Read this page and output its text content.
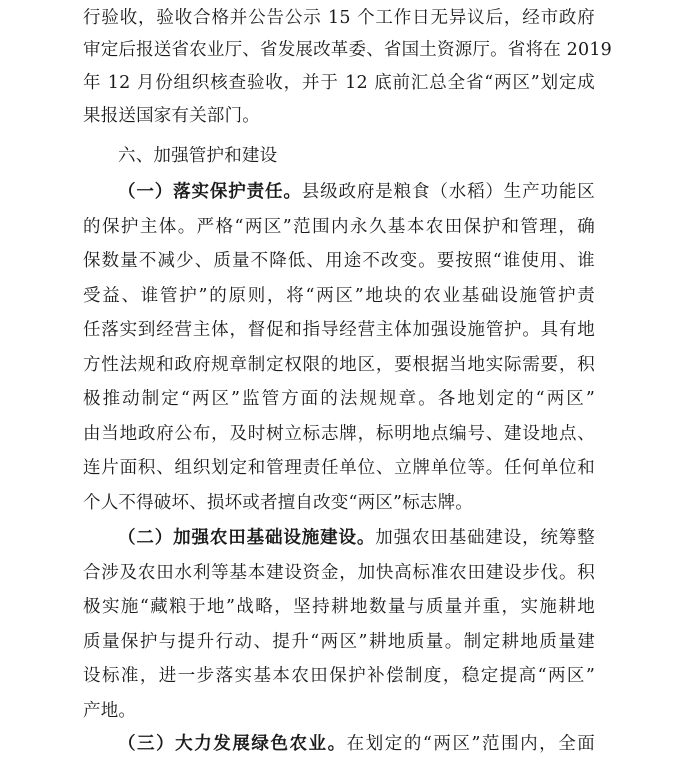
行验收，验收合格并公告公示 15 个工作日无异议后，经市政府
审定后报送省农业厅、省发展改革委、省国土资源厅。省将在 2019
年 12 月份组织核查验收，并于 12 底前汇总全省“两区”划定成
果报送国家有关部门。
六、加强管护和建设
（一）落实保护责任。县级政府是粮食（水稻）生产功能区
的保护主体。严格“两区”范围内永久基本农田保护和管理，确
保数量不减少、质量不降低、用途不改变。要按照“谁使用、谁
受益、谁管护”的原则，将“两区”地块的农业基础设施管护责
任落实到经营主体，督促和指导经营主体加强设施管护。具有地
方性法规和政府规章制定权限的地区，要根据当地实际需要，积
极推动制定“两区”监管方面的法规规章。各地划定的“两区”
由当地政府公布，及时树立标志牌，标明地点编号、建设地点、
连片面积、组织划定和管理责任单位、立牌单位等。任何单位和
个人不得破坏、损坏或者擅自改变“两区”标志牌。
（二）加强农田基础设施建设。加强农田基础建设，统筹整
合涉及农田水利等基本建设资金，加快高标准农田建设步伐。积
极实施“藏粮于地”战略，坚持耕地数量与质量并重，实施耕地
质量保护与提升行动、提升“两区”耕地质量。制定耕地质量建
设标准，进一步落实基本农田保护补偿制度，稳定提高“两区”
产地。
（三）大力发展绿色农业。在划定的“两区”范围内，全面
